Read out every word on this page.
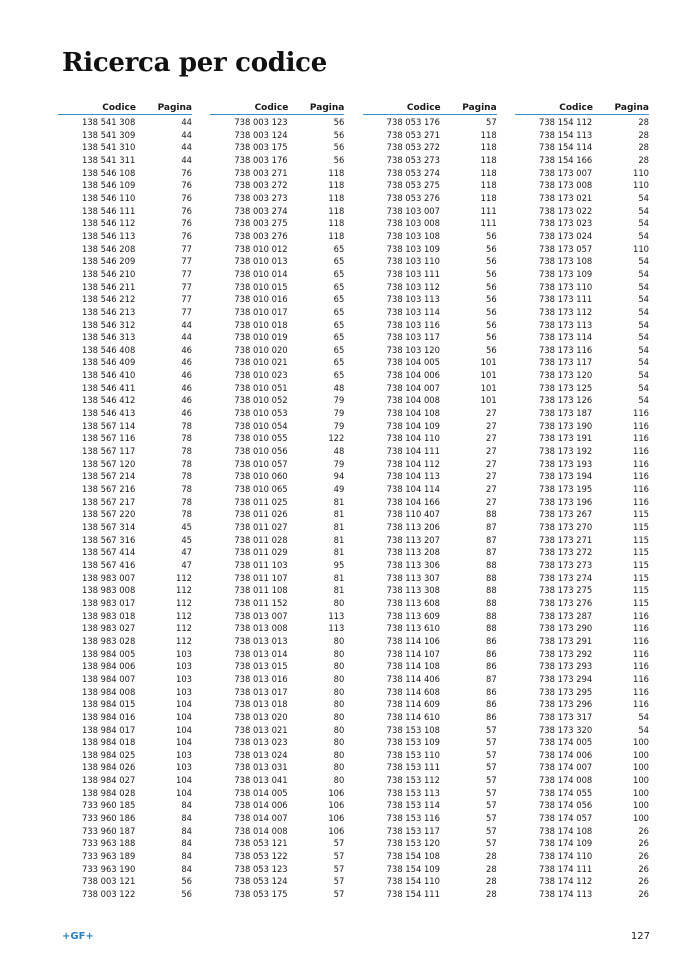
Ricerca per codice
Codice	Pagina
138 541 308	44
138 541 309	44
138 541 310	44
138 541 311	44
138 546 108	76
138 546 109	76
138 546 110	76
138 546 111	76
138 546 112	76
138 546 113	76
138 546 208	77
138 546 209	77
138 546 210	77
138 546 211	77
138 546 212	77
138 546 213	77
138 546 312	44
138 546 313	44
138 546 408	46
138 546 409	46
138 546 410	46
138 546 411	46
138 546 412	46
138 546 413	46
138 567 114	78
138 567 116	78
138 567 117	78
138 567 120	78
138 567 214	78
138 567 216	78
138 567 217	78
138 567 220	78
138 567 314	45
138 567 316	45
138 567 414	47
138 567 416	47
138 983 007	112
138 983 008	112
138 983 017	112
138 983 018	112
138 983 027	112
138 983 028	112
138 984 005	103
138 984 006	103
138 984 007	103
138 984 008	103
138 984 015	104
138 984 016	104
138 984 017	104
138 984 018	104
138 984 025	103
138 984 026	103
138 984 027	104
138 984 028	104
733 960 185	84
733 960 186	84
733 960 187	84
733 963 188	84
733 963 189	84
733 963 190	84
738 003 121	56
738 003 122	56
Codice	Pagina
738 003 123	56
738 003 124	56
738 003 175	56
738 003 176	56
738 003 271	118
738 003 272	118
738 003 273	118
738 003 274	118
738 003 275	118
738 003 276	118
738 010 012	65
738 010 013	65
738 010 014	65
738 010 015	65
738 010 016	65
738 010 017	65
738 010 018	65
738 010 019	65
738 010 020	65
738 010 021	65
738 010 023	65
738 010 051	48
738 010 052	79
738 010 053	79
738 010 054	79
738 010 055	122
738 010 056	48
738 010 057	79
738 010 060	94
738 010 065	49
738 011 025	81
738 011 026	81
738 011 027	81
738 011 028	81
738 011 029	81
738 011 103	95
738 011 107	81
738 011 108	81
738 011 152	80
738 013 007	113
738 013 008	113
738 013 013	80
738 013 014	80
738 013 015	80
738 013 016	80
738 013 017	80
738 013 018	80
738 013 020	80
738 013 021	80
738 013 023	80
738 013 024	80
738 013 031	80
738 013 041	80
738 014 005	106
738 014 006	106
738 014 007	106
738 014 008	106
738 053 121	57
738 053 122	57
738 053 123	57
738 053 124	57
738 053 175	57
Codice	Pagina
738 053 176	57
738 053 271	118
738 053 272	118
738 053 273	118
738 053 274	118
738 053 275	118
738 053 276	118
738 103 007	111
738 103 008	111
738 103 108	56
738 103 109	56
738 103 110	56
738 103 111	56
738 103 112	56
738 103 113	56
738 103 114	56
738 103 116	56
738 103 117	56
738 103 120	56
738 104 005	101
738 104 006	101
738 104 007	101
738 104 008	101
738 104 108	27
738 104 109	27
738 104 110	27
738 104 111	27
738 104 112	27
738 104 113	27
738 104 114	27
738 104 166	27
738 110 407	88
738 113 206	87
738 113 207	87
738 113 208	87
738 113 306	88
738 113 307	88
738 113 308	88
738 113 608	88
738 113 609	88
738 113 610	88
738 114 106	86
738 114 107	86
738 114 108	86
738 114 406	87
738 114 608	86
738 114 609	86
738 114 610	86
738 153 108	57
738 153 109	57
738 153 110	57
738 153 111	57
738 153 112	57
738 153 113	57
738 153 114	57
738 153 116	57
738 153 117	57
738 153 120	57
738 154 108	28
738 154 109	28
738 154 110	28
738 154 111	28
Codice	Pagina
738 154 112	28
738 154 113	28
738 154 114	28
738 154 166	28
738 173 007	110
738 173 008	110
738 173 021	54
738 173 022	54
738 173 023	54
738 173 024	54
738 173 057	110
738 173 108	54
738 173 109	54
738 173 110	54
738 173 111	54
738 173 112	54
738 173 113	54
738 173 114	54
738 173 116	54
738 173 117	54
738 173 120	54
738 173 125	54
738 173 126	54
738 173 187	116
738 173 190	116
738 173 191	116
738 173 192	116
738 173 193	116
738 173 194	116
738 173 195	116
738 173 196	116
738 173 267	115
738 173 270	115
738 173 271	115
738 173 272	115
738 173 273	115
738 173 274	115
738 173 275	115
738 173 276	115
738 173 287	116
738 173 290	116
738 173 291	116
738 173 292	116
738 173 293	116
738 173 294	116
738 173 295	116
738 173 296	116
738 173 317	54
738 173 320	54
738 174 005	100
738 174 006	100
738 174 007	100
738 174 008	100
738 174 055	100
738 174 056	100
738 174 057	100
738 174 108	26
738 174 109	26
738 174 110	26
738 174 111	26
738 174 112	26
738 174 113	26
+GF+	127
